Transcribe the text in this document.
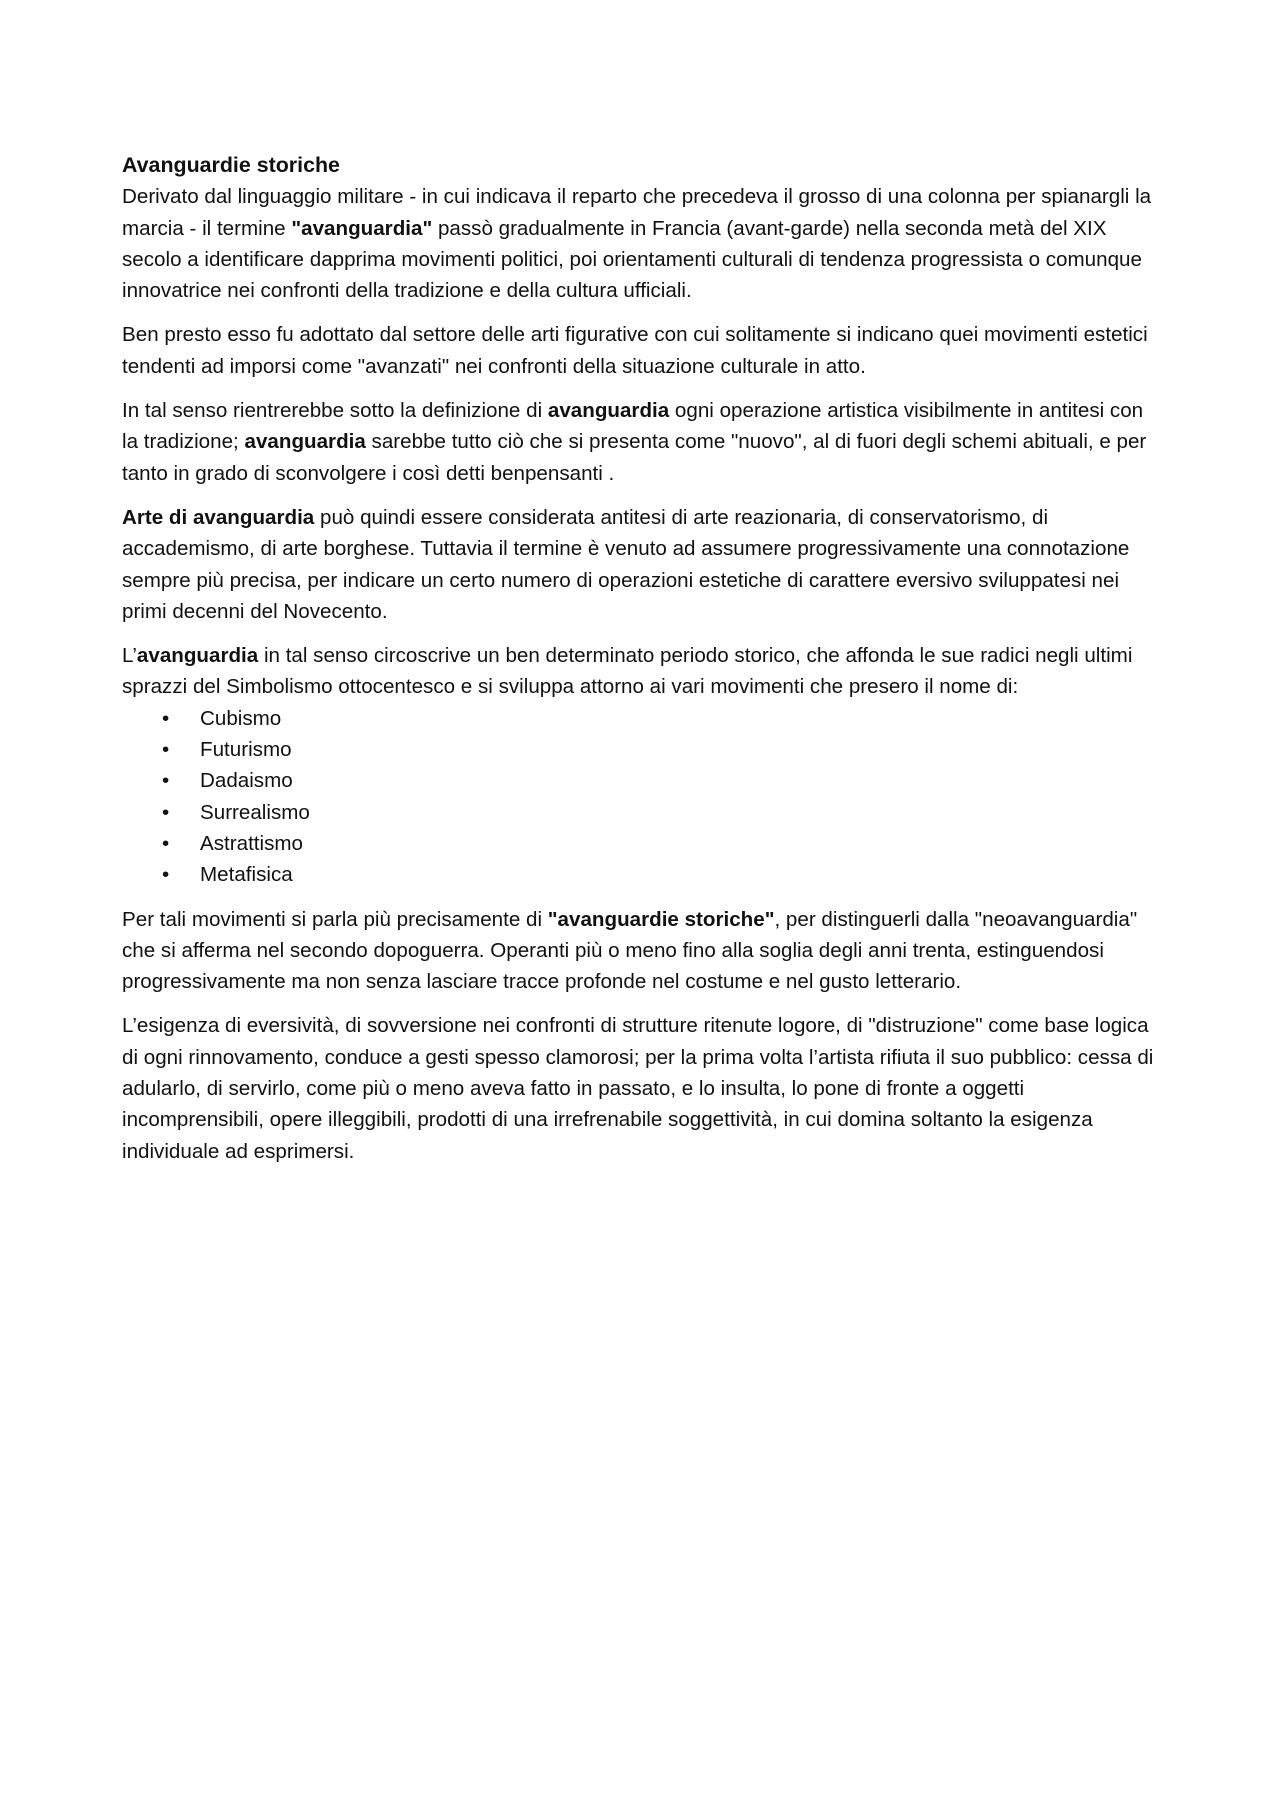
Avanguardie storiche

Derivato dal linguaggio militare - in cui indicava il reparto che precedeva il grosso di una colonna per spianargli la marcia - il termine "avanguardia" passò gradualmente in Francia (avant-garde) nella seconda metà del XIX secolo a identificare dapprima movimenti politici, poi orientamenti culturali di tendenza progressista o comunque innovatrice nei confronti della tradizione e della cultura ufficiali.

Ben presto esso fu adottato dal settore delle arti figurative con cui solitamente si indicano quei movimenti estetici tendenti ad imporsi come "avanzati" nei confronti della situazione culturale in atto.

In tal senso rientrerebbe sotto la definizione di avanguardia ogni operazione artistica visibilmente in antitesi con la tradizione; avanguardia sarebbe tutto ciò che si presenta come "nuovo", al di fuori degli schemi abituali, e per tanto in grado di sconvolgere i così detti benpensanti .

Arte di avanguardia può quindi essere considerata antitesi di arte reazionaria, di conservatorismo, di accademismo, di arte borghese. Tuttavia il termine è venuto ad assumere progressivamente una connotazione sempre più precisa, per indicare un certo numero di operazioni estetiche di carattere eversivo sviluppatesi nei primi decenni del Novecento.

L’avanguardia in tal senso circoscrive un ben determinato periodo storico, che affonda le sue radici negli ultimi sprazzi del Simbolismo ottocentesco e si sviluppa attorno ai vari movimenti che presero il nome di:

• Cubismo
• Futurismo
• Dadaismo
• Surrealismo
• Astrattismo
• Metafisica

Per tali movimenti si parla più precisamente di "avanguardie storiche", per distinguerli dalla "neoavanguardia" che si afferma nel secondo dopoguerra. Operanti più o meno fino alla soglia degli anni trenta, estinguendosi progressivamente ma non senza lasciare tracce profonde nel costume e nel gusto letterario.

L’esigenza di eversività, di sovversione nei confronti di strutture ritenute logore, di "distruzione" come base logica di ogni rinnovamento, conduce a gesti spesso clamorosi; per la prima volta l’artista rifiuta il suo pubblico: cessa di adularlo, di servirlo, come più o meno aveva fatto in passato, e lo insulta, lo pone di fronte a oggetti incomprensibili, opere illeggibili, prodotti di una irrefrenabile soggettività, in cui domina soltanto la esigenza individuale ad esprimersi.
